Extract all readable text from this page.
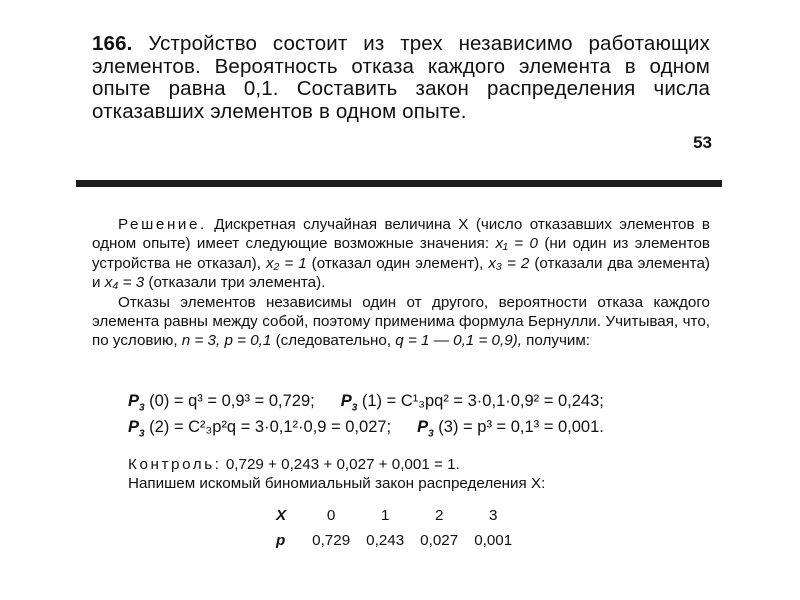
166. Устройство состоит из трех независимо работающих элементов. Вероятность отказа каждого элемента в одном опыте равна 0,1. Составить закон распределения числа отказавших элементов в одном опыте.
53

Решение. Дискретная случайная величина X (число отказавших элементов в одном опыте) имеет следующие возможные значения: x₁ = 0 (ни один из элементов устройства не отказал), x₂ = 1 (отказал один элемент), x₃ = 2 (отказали два элемента) и x₄ = 3 (отказали три элемента).

Отказы элементов независимы один от другого, вероятности отказа каждого элемента равны между собой, поэтому применима формула Бернулли. Учитывая, что, по условию, n = 3, p = 0,1 (следовательно, q = 1 — 0,1 = 0,9), получим:

$P_3$ (0) = q³ = 0,9³ = 0,729; $P_3$ (1) = C¹₃pq² = 3·0,1·0,9² = 0,243;
$P_3$ (2) = C²₃p²q = 3·0,1²·0,9 = 0,027; $P_3$ (3) = p³ = 0,1³ = 0,001.
Контроль: 0,729 + 0,243 + 0,027 + 0,001 = 1.
Напишем искомый биномиальный закон распределения X:
X	0	1	2	3
p	0,729	0,243	0,027	0,001
